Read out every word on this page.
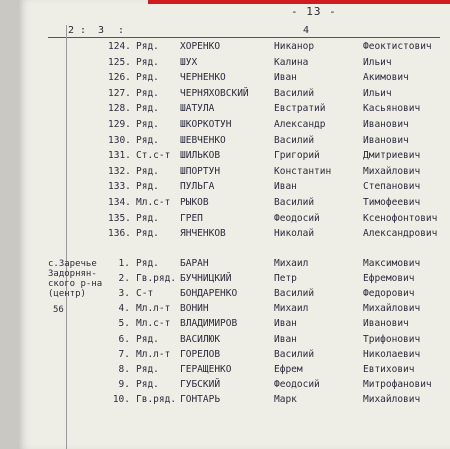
- 13 -
2 : 3 :	4
124. Ряд. ХОРЕНКО	Никанор	Феоктистович
125. Ряд. ШУХ	Калина	Ильич
126. Ряд. ЧЕРНЕНКО	Иван	Акимович
127. Ряд. ЧЕРНЯХОВСКИЙ	Василий	Ильич
128. Ряд. ШАТУЛА	Евстратий	Касьянович
129. Ряд. ШКОРКОТУН	Александр	Иванович
130. Ряд. ШЕВЧЕНКО	Василий	Иванович
131. Ст.с-т ШИЛЬКОВ	Григорий	Дмитриевич
132. Ряд. ШПОРТУН	Константин	Михайлович
133. Ряд. ПУЛЬГА	Иван	Степанович
134. Мл.с-т РЫКОВ	Василий	Тимофеевич
135. Ряд. ГРЕП	Феодосий	Ксенофонтович
136. Ряд. ЯНЧЕНКОВ	Николай	Александрович
с.Заречье
Задорнян-
ского р-на
(центр)
56
1. Ряд. БАРАН	Михаил	Максимович
2. Гв.ряд. БУЧНИЦКИЙ	Петр	Ефремович
3. С-т	БОНДАРЕНКО	Василий	Федорович
4. Мл.л-т ВОНИН	Михаил	Михайлович
5. Мл.с-т ВЛАДИМИРОВ	Иван	Иванович
6. Ряд. ВАСИЛЮК	Иван	Трифонович
7. Мл.л-т ГОРЕЛОВ	Василий	Николаевич
8. Ряд. ГЕРАЩЕНКО	Ефрем	Евтихович
9. Ряд. ГУБСКИЙ	Феодосий	Митрофанович
10. Гв.ряд. ГОНТАРЬ	Марк	Михайлович
